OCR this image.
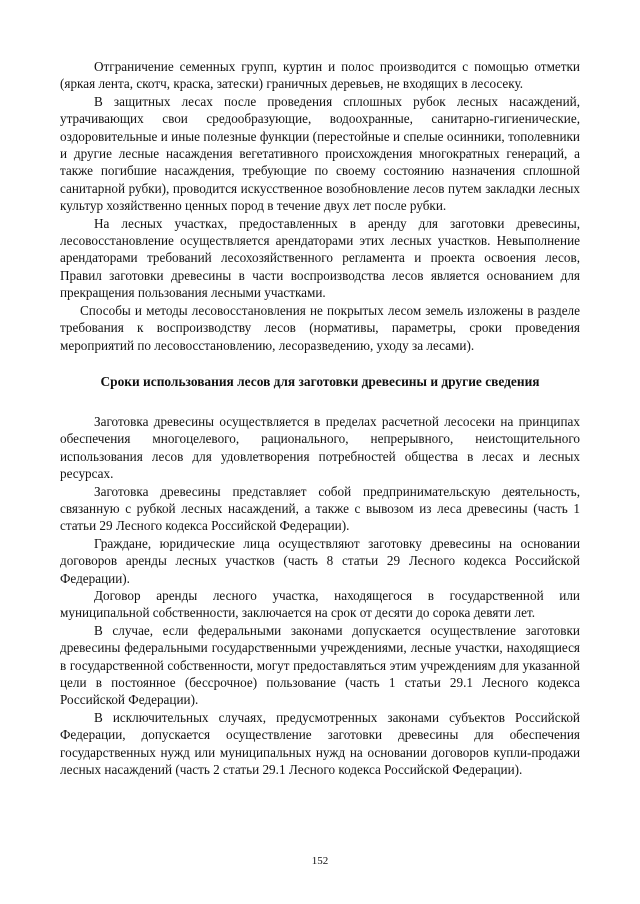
Отграничение семенных групп, куртин и полос производится с помощью отметки (яркая лента, скотч, краска, затески) граничных деревьев, не входящих в лесосеку.

В защитных лесах после проведения сплошных рубок лесных насаждений, утрачивающих свои средообразующие, водоохранные, санитарно-гигиенические, оздоровительные и иные полезные функции (перестойные и спелые осинники, тополевники и другие лесные насаждения вегетативного происхождения многократных генераций, а также погибшие насаждения, требующие по своему состоянию назначения сплошной санитарной рубки), проводится искусственное возобновление лесов путем закладки лесных культур хозяйственно ценных пород в течение двух лет после рубки.

На лесных участках, предоставленных в аренду для заготовки древесины, лесовосстановление осуществляется арендаторами этих лесных участков. Невыполнение арендаторами требований лесохозяйственного регламента и проекта освоения лесов, Правил заготовки древесины в части воспроизводства лесов является основанием для прекращения пользования лесными участками.

Способы и методы лесовосстановления не покрытых лесом земель изложены в разделе требования к воспроизводству лесов (нормативы, параметры, сроки проведения мероприятий по лесовосстановлению, лесоразведению, уходу за лесами).

Сроки использования лесов для заготовки древесины и другие сведения

Заготовка древесины осуществляется в пределах расчетной лесосеки на принципах обеспечения многоцелевого, рационального, непрерывного, неистощительного использования лесов для удовлетворения потребностей общества в лесах и лесных ресурсах.

Заготовка древесины представляет собой предпринимательскую деятельность, связанную с рубкой лесных насаждений, а также с вывозом из леса древесины (часть 1 статьи 29 Лесного кодекса Российской Федерации).

Граждане, юридические лица осуществляют заготовку древесины на основании договоров аренды лесных участков (часть 8 статьи 29 Лесного кодекса Российской Федерации).

Договор аренды лесного участка, находящегося в государственной или муниципальной собственности, заключается на срок от десяти до сорока девяти лет.

В случае, если федеральными законами допускается осуществление заготовки древесины федеральными государственными учреждениями, лесные участки, находящиеся в государственной собственности, могут предоставляться этим учреждениям для указанной цели в постоянное (бессрочное) пользование (часть 1 статьи 29.1 Лесного кодекса Российской Федерации).

В исключительных случаях, предусмотренных законами субъектов Российской Федерации, допускается осуществление заготовки древесины для обеспечения государственных нужд или муниципальных нужд на основании договоров купли-продажи лесных насаждений (часть 2 статьи 29.1 Лесного кодекса Российской Федерации).

152
